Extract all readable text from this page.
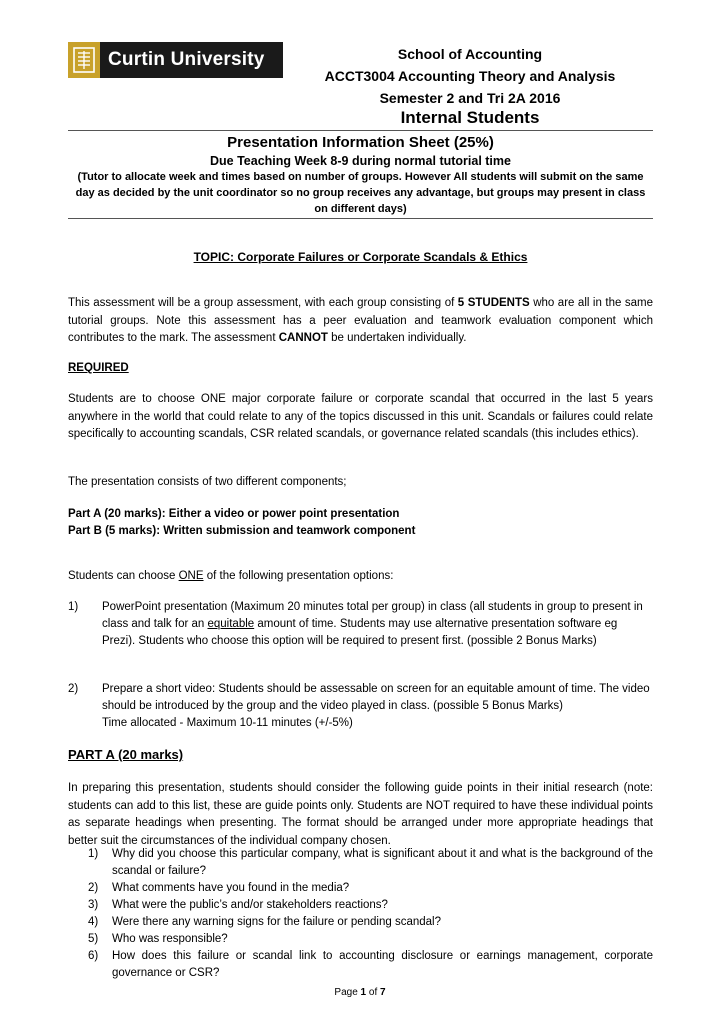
Curtin University	School of Accounting
ACCT3004 Accounting Theory and Analysis
Semester 2 and Tri 2A 2016
Internal Students
Presentation Information Sheet (25%)
Due Teaching Week 8-9 during normal tutorial time
(Tutor to allocate week and times based on number of groups. However All students will submit on the same day as decided by the unit coordinator so no group receives any advantage, but groups may present in class on different days)
TOPIC: Corporate Failures or Corporate Scandals & Ethics
This assessment will be a group assessment, with each group consisting of 5 STUDENTS who are all in the same tutorial groups. Note this assessment has a peer evaluation and teamwork evaluation component which contributes to the mark. The assessment CANNOT be undertaken individually.
REQUIRED
Students are to choose ONE major corporate failure or corporate scandal that occurred in the last 5 years anywhere in the world that could relate to any of the topics discussed in this unit. Scandals or failures could relate specifically to accounting scandals, CSR related scandals, or governance related scandals (this includes ethics).
The presentation consists of two different components;
Part A (20 marks): Either a video or power point presentation
Part B (5 marks): Written submission and teamwork component
Students can choose ONE of the following presentation options:
1) PowerPoint presentation (Maximum 20 minutes total per group) in class (all students in group to present in class and talk for an equitable amount of time. Students may use alternative presentation software eg Prezi). Students who choose this option will be required to present first. (possible 2 Bonus Marks)
2) Prepare a short video: Students should be assessable on screen for an equitable amount of time. The video should be introduced by the group and the video played in class. (possible 5 Bonus Marks)
Time allocated - Maximum 10-11 minutes (+/-5%)
PART A (20 marks)
In preparing this presentation, students should consider the following guide points in their initial research (note: students can add to this list, these are guide points only. Students are NOT required to have these individual points as separate headings when presenting. The format should be arranged under more appropriate headings that better suit the circumstances of the individual company chosen.
1) Why did you choose this particular company, what is significant about it and what is the background of the scandal or failure?
2) What comments have you found in the media?
3) What were the public’s and/or stakeholders reactions?
4) Were there any warning signs for the failure or pending scandal?
5) Who was responsible?
6) How does this failure or scandal link to accounting disclosure or earnings management, corporate governance or CSR?
Page 1 of 7
